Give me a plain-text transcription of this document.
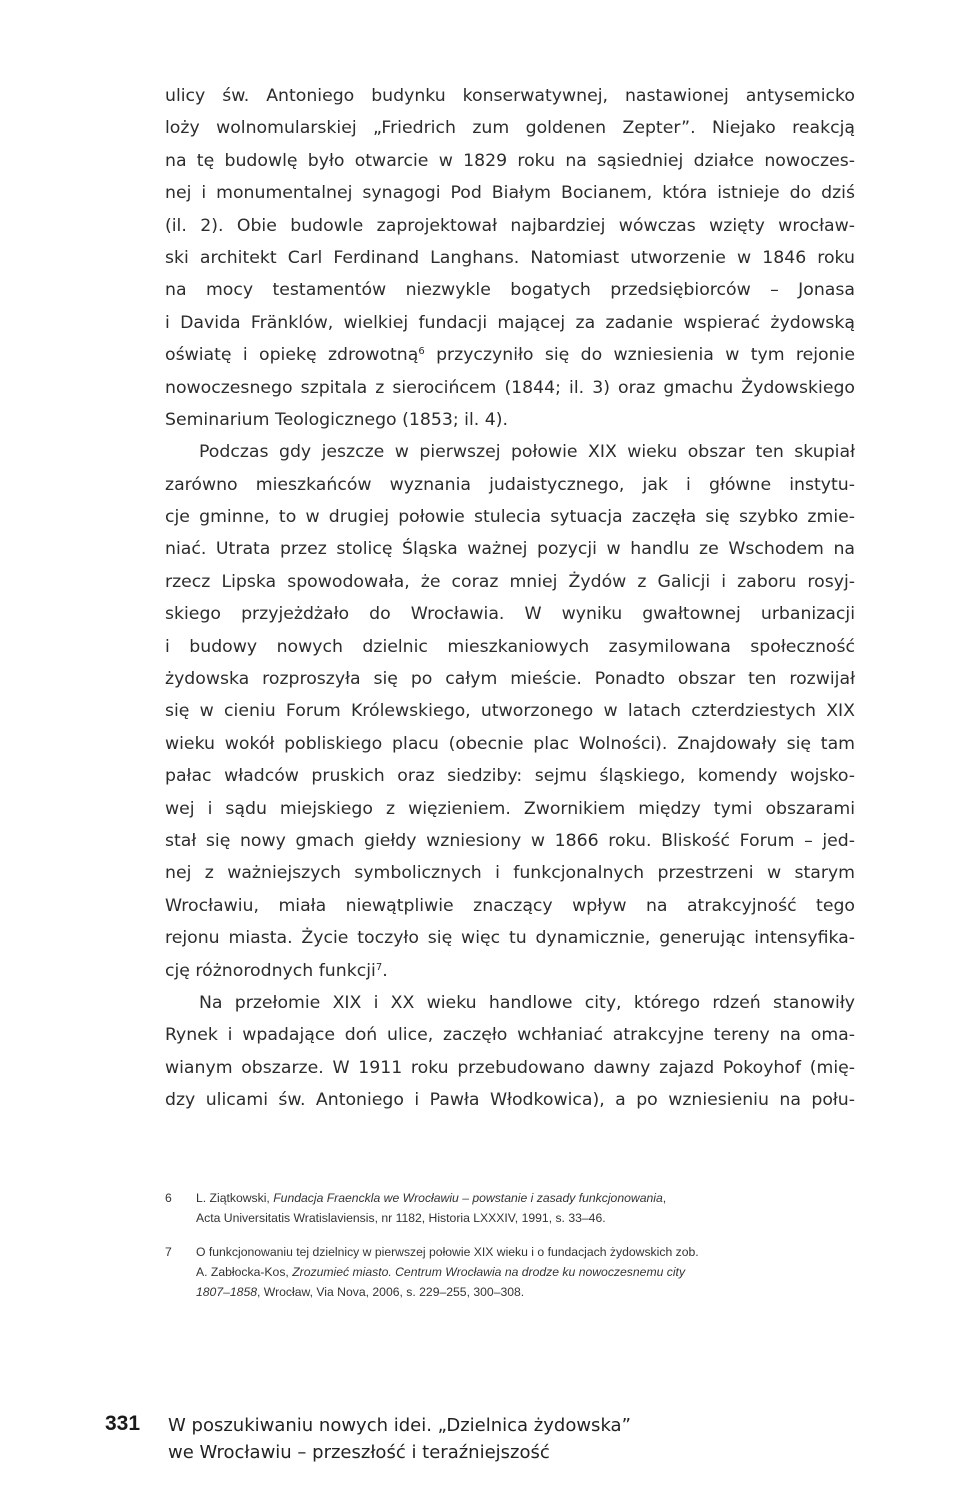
ulicy św. Antoniego budynku konserwatywnej, nastawionej antysemicko
loży wolnomularskiej „Friedrich zum goldenen Zepter”. Niejako reakcją
na tę budowlę było otwarcie w 1829 roku na sąsiedniej działce nowoczes-
nej i monumentalnej synagogi Pod Białym Bocianem, która istnieje do dziś
(il. 2). Obie budowle zaprojektował najbardziej wówczas wzięty wrocław-
ski architekt Carl Ferdinand Langhans. Natomiast utworzenie w 1846 roku
na mocy testamentów niezwykle bogatych przedsiębiorców – Jonasa
i Davida Fränklów, wielkiej fundacji mającej za zadanie wspierać żydowską
oświatę i opiekę zdrowotną$^6$ przyczyniło się do wzniesienia w tym rejonie
nowoczesnego szpitala z sierocińcem (1844; il. 3) oraz gmachu Żydowskiego
Seminarium Teologicznego (1853; il. 4).
Podczas gdy jeszcze w pierwszej połowie XIX wieku obszar ten skupiał
zarówno mieszkańców wyznania judaistycznego, jak i główne instytu-
cje gminne, to w drugiej połowie stulecia sytuacja zaczęła się szybko zmie-
niać. Utrata przez stolicę Śląska ważnej pozycji w handlu ze Wschodem na
rzecz Lipska spowodowała, że coraz mniej Żydów z Galicji i zaboru rosyj-
skiego przyjeżdżało do Wrocławia. W wyniku gwałtownej urbanizacji
i budowy nowych dzielnic mieszkaniowych zasymilowana społeczność
żydowska rozproszyła się po całym mieście. Ponadto obszar ten rozwijał
się w cieniu Forum Królewskiego, utworzonego w latach czterdziestych XIX
wieku wokół pobliskiego placu (obecnie plac Wolności). Znajdowały się tam
pałac władców pruskich oraz siedziby: sejmu śląskiego, komendy wojsko-
wej i sądu miejskiego z więzieniem. Zwornikiem między tymi obszarami
stał się nowy gmach giełdy wzniesiony w 1866 roku. Bliskość Forum – jed-
nej z ważniejszych symbolicznych i funkcjonalnych przestrzeni w starym
Wrocławiu, miała niewątpliwie znaczący wpływ na atrakcyjność tego
rejonu miasta. Życie toczyło się więc tu dynamicznie, generując intensyfika-
cję różnorodnych funkcji$^7$.
Na przełomie XIX i XX wieku handlowe city, którego rdzeń stanowiły
Rynek i wpadające doń ulice, zaczęło wchłaniać atrakcyjne tereny na oma-
wianym obszarze. W 1911 roku przebudowano dawny zajazd Pokoyhof (mię-
dzy ulicami św. Antoniego i Pawła Włodkowica), a po wzniesieniu na połu-
6 L. Ziątkowski, Fundacja Fraenckla we Wrocławiu – powstanie i zasady funkcjonowania,
Acta Universitatis Wratislaviensis, nr 1182, Historia LXXXIV, 1991, s. 33–46.
7 O funkcjonowaniu tej dzielnicy w pierwszej połowie XIX wieku i o fundacjach żydowskich zob.
A. Zabłocka-Kos, Zrozumieć miasto. Centrum Wrocławia na drodze ku nowoczesnemu city
1807–1858, Wrocław, Via Nova, 2006, s. 229–255, 300–308.
331 W poszukiwaniu nowych idei. „Dzielnica żydowska”
we Wrocławiu – przeszłość i teraźniejszość
